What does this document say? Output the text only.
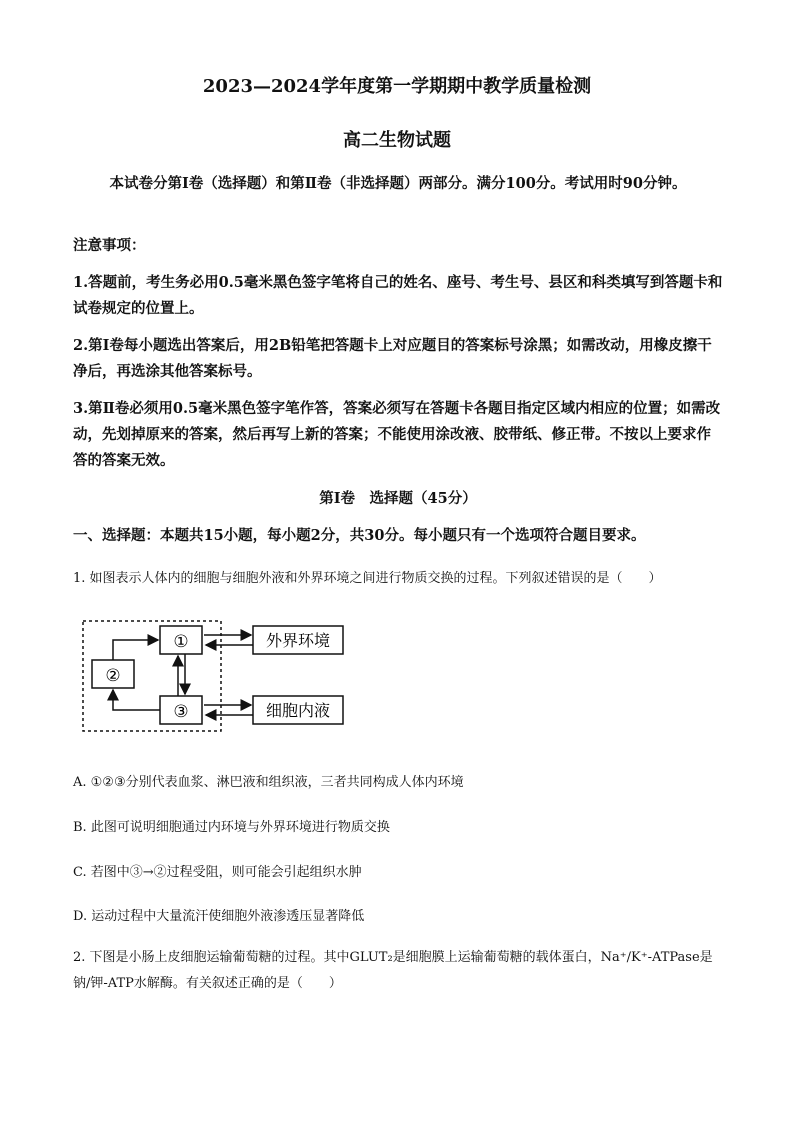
2023—2024学年度第一学期期中教学质量检测
高二生物试题
本试卷分第Ⅰ卷（选择题）和第Ⅱ卷（非选择题）两部分。满分100分。考试用时90分钟。
注意事项：
1.答题前，考生务必用0.5毫米黑色签字笔将自己的姓名、座号、考生号、县区和科类填写到答题卡和试卷规定的位置上。
2.第Ⅰ卷每小题选出答案后，用2B铅笔把答题卡上对应题目的答案标号涂黑；如需改动，用橡皮擦干净后，再选涂其他答案标号。
3.第Ⅱ卷必须用0.5毫米黑色签字笔作答，答案必须写在答题卡各题目指定区域内相应的位置；如需改动，先划掉原来的答案，然后再写上新的答案；不能使用涂改液、胶带纸、修正带。不按以上要求作答的答案无效。
第Ⅰ卷　选择题（45分）
一、选择题：本题共15小题，每小题2分，共30分。每小题只有一个选项符合题目要求。
1. 如图表示人体内的细胞与细胞外液和外界环境之间进行物质交换的过程。下列叙述错误的是（　　）
①
②
③
外界环境
细胞内液
A. ①②③分别代表血浆、淋巴液和组织液，三者共同构成人体内环境
B. 此图可说明细胞通过内环境与外界环境进行物质交换
C. 若图中③→②过程受阻，则可能会引起组织水肿
D. 运动过程中大量流汗使细胞外液渗透压显著降低
2. 下图是小肠上皮细胞运输葡萄糖的过程。其中GLUT₂是细胞膜上运输葡萄糖的载体蛋白，Na⁺/K⁺-ATPase是钠/钾-ATP水解酶。有关叙述正确的是（　　）
